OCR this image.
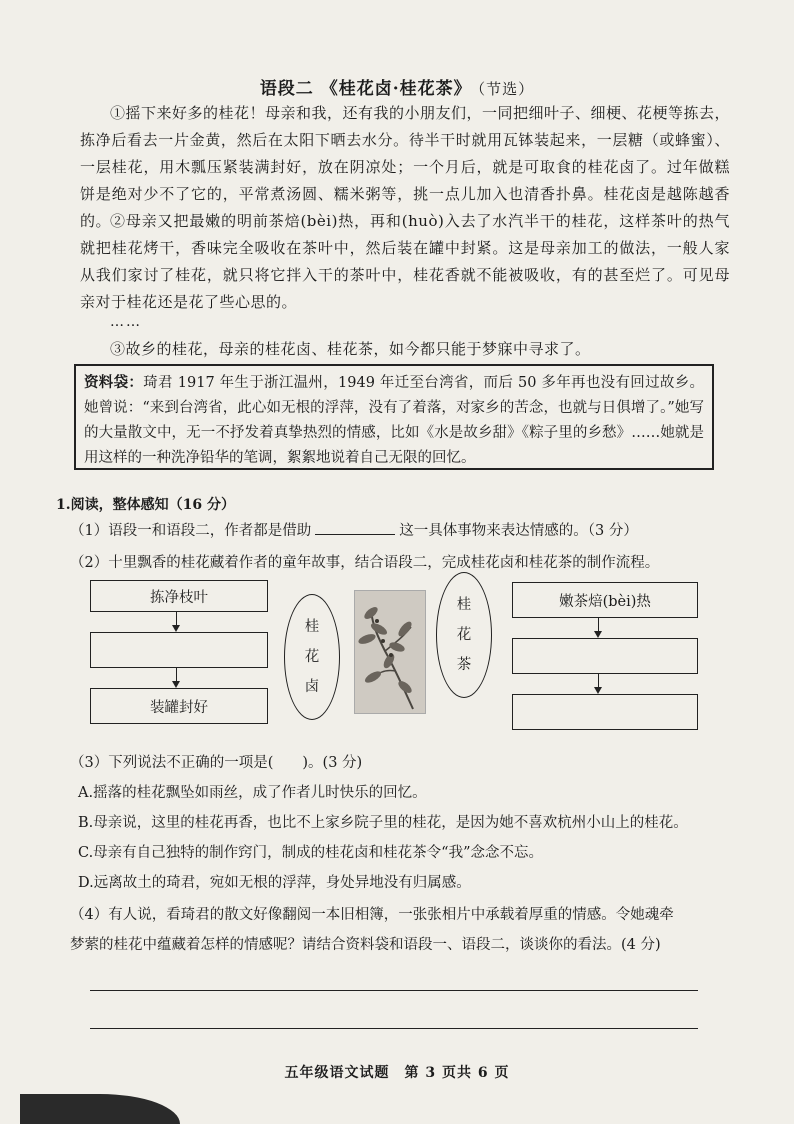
语段二 《桂花卤·桂花茶》 （节选）
①摇下来好多的桂花！母亲和我，还有我的小朋友们，一同把细叶子、细梗、花梗等拣去，拣净后看去一片金黄，然后在太阳下晒去水分。待半干时就用瓦钵装起来，一层糖（或蜂蜜）、一层桂花，用木瓢压紧装满封好，放在阴凉处；一个月后，就是可取食的桂花卤了。过年做糕饼是绝对少不了它的，平常煮汤圆、糯米粥等，挑一点儿加入也清香扑鼻。桂花卤是越陈越香的。
②母亲又把最嫩的明前茶焙(bèi)热，再和(huò)入去了水汽半干的桂花，这样茶叶的热气就把桂花烤干，香味完全吸收在茶叶中，然后装在罐中封紧。这是母亲加工的做法，一般人家从我们家讨了桂花，就只将它拌入干的茶叶中，桂花香就不能被吸收，有的甚至烂了。可见母亲对于桂花还是花了些心思的。
……
③故乡的桂花，母亲的桂花卤、桂花茶，如今都只能于梦寐中寻求了。
资料袋：琦君 1917 年生于浙江温州，1949 年迁至台湾省，而后 50 多年再也没有回过故乡。她曾说：“来到台湾省，此心如无根的浮萍，没有了着落，对家乡的苦念，也就与日俱增了。”她写的大量散文中，无一不抒发着真挚热烈的情感，比如《水是故乡甜》《粽子里的乡愁》……她就是用这样的一种洗净铅华的笔调，絮絮地说着自己无限的回忆。
1.阅读，整体感知（16 分）
（1）语段一和语段二，作者都是借助	这一具体事物来表达情感的。（3 分）
（2）十里飘香的桂花藏着作者的童年故事，结合语段二，完成桂花卤和桂花茶的制作流程。
拣净枝叶
装罐封好
桂
花
卤
桂
花
茶
嫩茶焙(bèi)热
（3）下列说法不正确的一项是(　　)。(3 分)
A.摇落的桂花飘坠如雨丝，成了作者儿时快乐的回忆。
B.母亲说，这里的桂花再香，也比不上家乡院子里的桂花，是因为她不喜欢杭州小山上的桂花。
C.母亲有自己独特的制作窍门，制成的桂花卤和桂花茶令“我”念念不忘。
D.远离故土的琦君，宛如无根的浮萍，身处异地没有归属感。
（4）有人说，看琦君的散文好像翻阅一本旧相簿，一张张相片中承载着厚重的情感。令她魂牵
梦萦的桂花中蕴藏着怎样的情感呢？请结合资料袋和语段一、语段二，谈谈你的看法。(4 分)
五年级语文试题　第 3 页共 6 页
